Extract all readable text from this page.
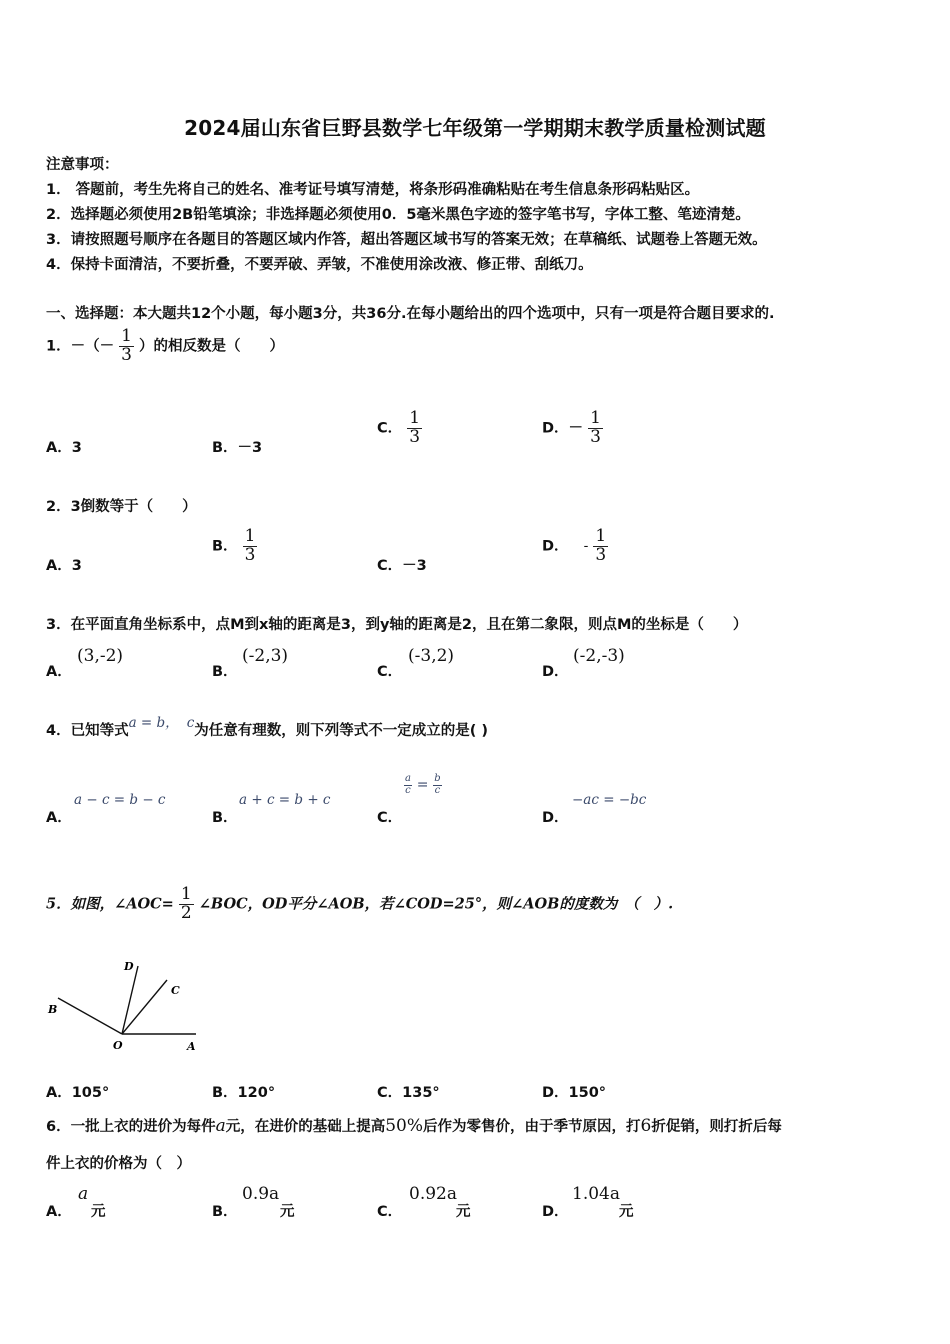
2024届山东省巨野县数学七年级第一学期期末教学质量检测试题
注意事项：
1． 答题前，考生先将自己的姓名、准考证号填写清楚，将条形码准确粘贴在考生信息条形码粘贴区。
2．选择题必须使用2B铅笔填涂；非选择题必须使用0．5毫米黑色字迹的签字笔书写，字体工整、笔迹清楚。
3．请按照题号顺序在各题目的答题区域内作答，超出答题区域书写的答案无效；在草稿纸、试题卷上答题无效。
4．保持卡面清洁，不要折叠，不要弄破、弄皱，不准使用涂改液、修正带、刮纸刀。
一、选择题：本大题共12个小题，每小题3分，共36分.在每小题给出的四个选项中，只有一项是符合题目要求的.
1．－（－ $\frac{1}{3}$ ）的相反数是（　　）
A．3	B．－3
C． $\frac{1}{3}$	D．－ $\frac{1}{3}$
2．3倒数等于（　　）
A．3
B． $\frac{1}{3}$
C．－3
D． - $\frac{1}{3}$
3．在平面直角坐标系中，点M到x轴的距离是3，到y轴的距离是2，且在第二象限，则点M的坐标是（　　）
A．
(3,-2)
B．
(-2,3)
C．
(-3,2)
D．
(-2,-3)
4．已知等式a = b， c为任意有理数，则下列等式不一定成立的是( )
A．
a − c = b − c
B．
a + c = b + c
C．
$\frac{a}{c} = \frac{b}{c}$
D．
−ac = −bc
5．如图，∠AOC= $\frac{1}{2}$ ∠BOC，OD平分∠AOB，若∠COD=25°，则∠AOB的度数为　（　）.
D
C
B
O	A
A．105°	B．120°	C．135°	D．150°
6．一批上衣的进价为每件a元，在进价的基础上提高50%后作为零售价，由于季节原因，打6折促销，则打折后每
件上衣的价格为（　）
A．
a
元	B．
0.9a
元	C．
0.92a
元	D．
1.04a
元
